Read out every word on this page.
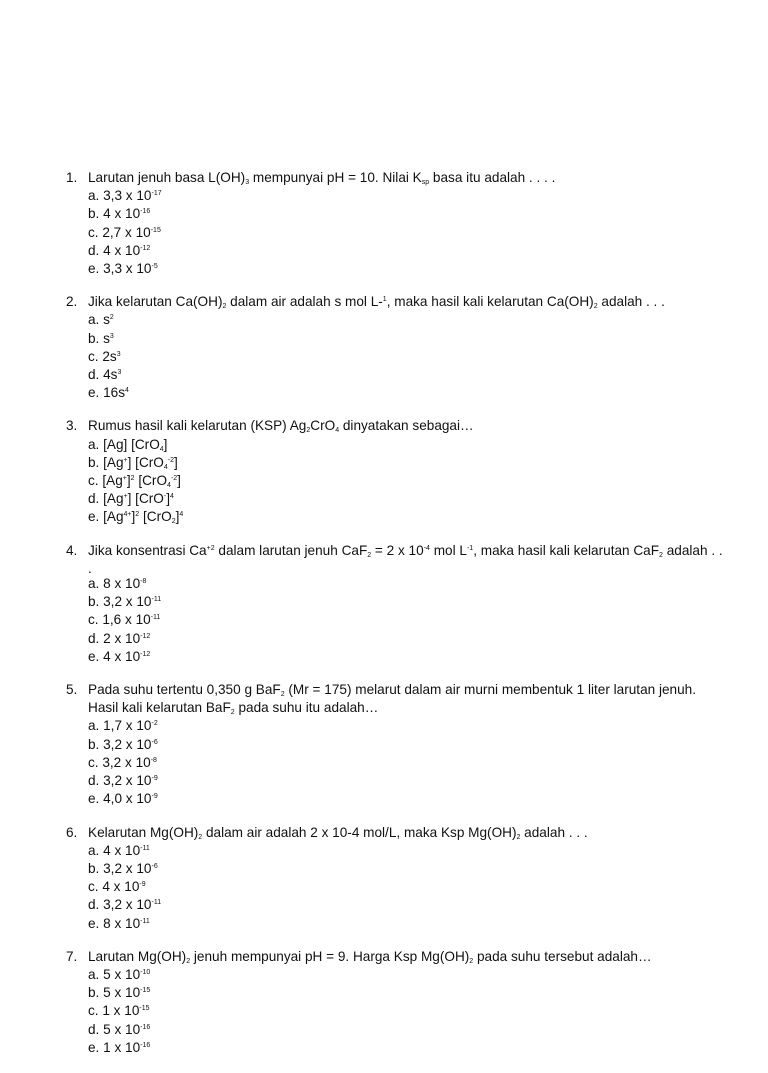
1. Larutan jenuh basa L(OH)3 mempunyai pH = 10. Nilai Ksp basa itu adalah . . . .
a. 3,3 x $10^{-17}$
b. 4 x $10^{-16}$
c. 2,7 x $10^{-15}$
d. 4 x $10^{-12}$
e. 3,3 x $10^{-5}$
2. Jika kelarutan Ca(OH)2 dalam air adalah s mol L-$^1$, maka hasil kali kelarutan Ca(OH)2 adalah . . .
a. $s^2$
b. $s^3$
c. $2s^3$
d. $4s^3$
e. $16s^4$
3. Rumus hasil kali kelarutan (KSP) Ag2CrO4 dinyatakan sebagai…
a. [Ag] [CrO4]
b. [Ag+] $[CrO4^{-2}]$
c. $[Ag^+]^2$ $[CrO4^{-2}]$
d. [Ag+] $[CrO^-]^4$
e. $[Ag^{4+}]^2$ $[CrO2]^4$
4. Jika konsentrasi $Ca^{+2}$ dalam larutan jenuh CaF2 = 2 x $10^{-4}$ mol $L^{-1}$, maka hasil kali kelarutan CaF2 adalah . . .
a. 8 x $10^{-8}$
b. 3,2 x $10^{-11}$
c. 1,6 x $10^{-11}$
d. 2 x $10^{-12}$
e. 4 x $10^{-12}$
5. Pada suhu tertentu 0,350 g BaF2 (Mr = 175) melarut dalam air murni membentuk 1 liter larutan jenuh. Hasil kali kelarutan BaF2 pada suhu itu adalah…
a. 1,7 x $10^{-2}$
b. 3,2 x $10^{-6}$
c. 3,2 x $10^{-8}$
d. 3,2 x $10^{-9}$
e. 4,0 x $10^{-9}$
6. Kelarutan Mg(OH)2 dalam air adalah 2 x 10-4 mol/L, maka Ksp Mg(OH)2 adalah . . .
a. 4 x $10^{-11}$
b. 3,2 x $10^{-6}$
c. 4 x $10^{-9}$
d. 3,2 x $10^{-11}$
e. 8 x $10^{-11}$
7. Larutan Mg(OH)2 jenuh mempunyai pH = 9. Harga Ksp Mg(OH)2 pada suhu tersebut adalah…
a. 5 x $10^{-10}$
b. 5 x $10^{-15}$
c. 1 x $10^{-15}$
d. 5 x $10^{-16}$
e. 1 x $10^{-16}$
